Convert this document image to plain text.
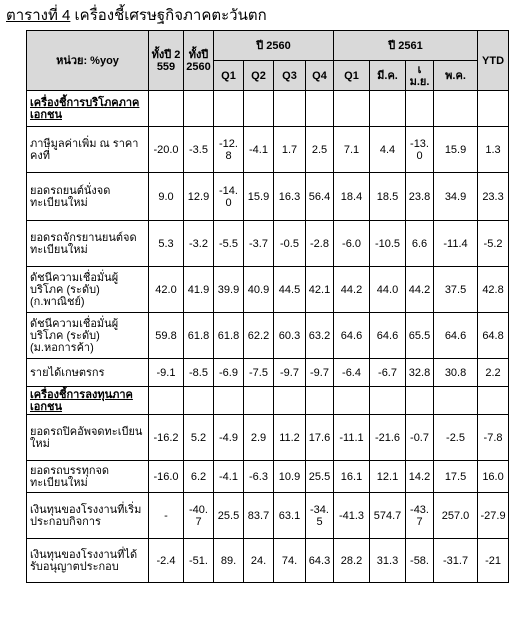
ตารางที่ 4 เครื่องชี้เศรษฐกิจภาคตะวันตก
หน่วย: %yoy	ทั้งปี 2559	ทั้งปี 2560	ปี 2560				ปี 2561				YTD
			Q1	Q2	Q3	Q4	Q1	มี.ค.	เม.ย.	พ.ค.	
เครื่องชี้การบริโภคภาคเอกชน											
ภาษีมูลค่าเพิ่ม ณ ราคาคงที่	-20.0	-3.5	-12.8	-4.1	1.7	2.5	7.1	4.4	-13.0	15.9	1.3
ยอดรถยนต์นั่งจดทะเบียนใหม่	9.0	12.9	-14.0	15.9	16.3	56.4	18.4	18.5	23.8	34.9	23.3
ยอดรถจักรยานยนต์จดทะเบียนใหม่	5.3	-3.2	-5.5	-3.7	-0.5	-2.8	-6.0	-10.5	6.6	-11.4	-5.2
ดัชนีความเชื่อมั่นผู้บริโภค (ระดับ) (ก.พาณิชย์)	42.0	41.9	39.9	40.9	44.5	42.1	44.2	44.0	44.2	37.5	42.8
ดัชนีความเชื่อมั่นผู้บริโภค (ระดับ) (ม.หอการค้า)	59.8	61.8	61.8	62.2	60.3	63.2	64.6	64.6	65.5	64.6	64.8
รายได้เกษตรกร	-9.1	-8.5	-6.9	-7.5	-9.7	-9.7	-6.4	-6.7	32.8	30.8	2.2
เครื่องชี้การลงทุนภาคเอกชน											
ยอดรถปิคอัพจดทะเบียนใหม่	-16.2	5.2	-4.9	2.9	11.2	17.6	-11.1	-21.6	-0.7	-2.5	-7.8
ยอดรถบรรทุกจดทะเบียนใหม่	-16.0	6.2	-4.1	-6.3	10.9	25.5	16.1	12.1	14.2	17.5	16.0
เงินทุนของโรงงานที่เริ่มประกอบกิจการ	-	-40.7	25.5	83.7	63.1	-34.5	-41.3	574.7	-43.7	257.0	-27.9
เงินทุนของโรงงานที่ได้รับอนุญาตประกอบ	-2.4	-51.	89.	24.	74.	64.3	28.2	31.3	-58.	-31.7	-21
